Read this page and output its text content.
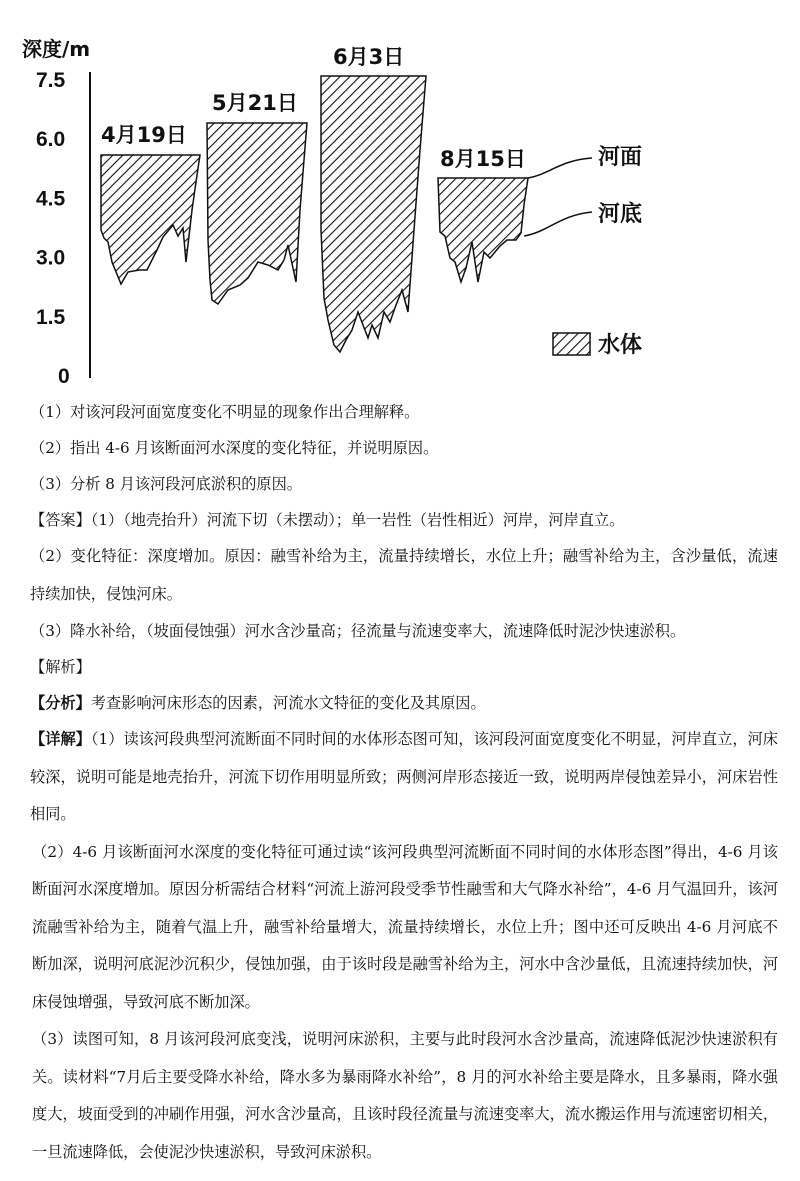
深度/m
7.5
6.0
4.5
3.0
1.5
0
4月19日
5月21日
6月3日
8月15日	河面
河底
水体

（1）对该河段河面宽度变化不明显的现象作出合理解释。

（2）指出 4-6 月该断面河水深度的变化特征，并说明原因。

（3）分析 8 月该河段河底淤积的原因。

【答案】（1）（地壳抬升）河流下切（未摆动）；单一岩性（岩性相近）河岸，河岸直立。

（2）变化特征：深度增加。原因：融雪补给为主，流量持续增长，水位上升；融雪补给为主，含沙量低，流速持续加快，侵蚀河床。

（3）降水补给，（坡面侵蚀强）河水含沙量高；径流量与流速变率大，流速降低时泥沙快速淤积。

【解析】

【分析】考查影响河床形态的因素，河流水文特征的变化及其原因。

【详解】（1）读该河段典型河流断面不同时间的水体形态图可知，该河段河面宽度变化不明显，河岸直立，河床较深，说明可能是地壳抬升，河流下切作用明显所致；两侧河岸形态接近一致，说明两岸侵蚀差异小，河床岩性相同。

（2）4-6 月该断面河水深度的变化特征可通过读“该河段典型河流断面不同时间的水体形态图”得出，4-6 月该断面河水深度增加。原因分析需结合材料“河流上游河段受季节性融雪和大气降水补给”，4-6 月气温回升，该河流融雪补给为主，随着气温上升，融雪补给量增大，流量持续增长，水位上升；图中还可反映出 4-6 月河底不断加深，说明河底泥沙沉积少，侵蚀加强，由于该时段是融雪补给为主，河水中含沙量低，且流速持续加快，河床侵蚀增强，导致河底不断加深。

（3）读图可知，8 月该河段河底变浅，说明河床淤积，主要与此时段河水含沙量高，流速降低泥沙快速淤积有关。读材料“7月后主要受降水补给，降水多为暴雨降水补给”，8 月的河水补给主要是降水，且多暴雨，降水强度大，坡面受到的冲刷作用强，河水含沙量高，且该时段径流量与流速变率大，流水搬运作用与流速密切相关，一旦流速降低，会使泥沙快速淤积，导致河床淤积。
